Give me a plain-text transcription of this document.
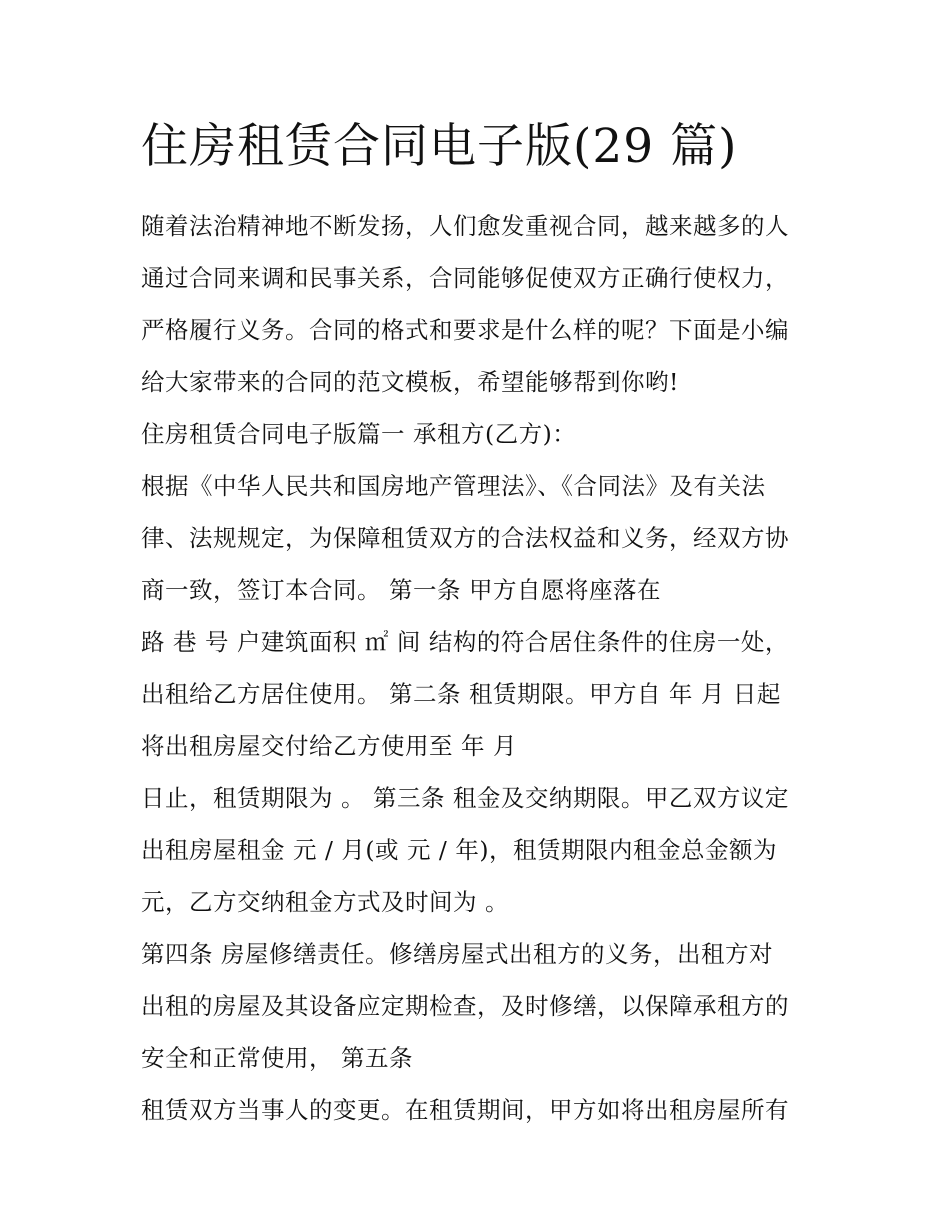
住房租赁合同电子版(29 篇)
随着法治精神地不断发扬，人们愈发重视合同，越来越多的人
通过合同来调和民事关系，合同能够促使双方正确行使权力，
严格履行义务。合同的格式和要求是什么样的呢？下面是小编
给大家带来的合同的范文模板，希望能够帮到你哟!
住房租赁合同电子版篇一 承租方(乙方)：
根据《中华人民共和国房地产管理法》、《合同法》及有关法
律、法规规定，为保障租赁双方的合法权益和义务，经双方协
商一致，签订本合同。 第一条 甲方自愿将座落在
路 巷 号 户建筑面积 ㎡ 间 结构的符合居住条件的住房一处，
出租给乙方居住使用。 第二条 租赁期限。甲方自 年 月 日起
将出租房屋交付给乙方使用至 年 月
日止，租赁期限为 。 第三条 租金及交纳期限。甲乙双方议定
出租房屋租金 元 / 月(或 元 / 年)，租赁期限内租金总金额为
元，乙方交纳租金方式及时间为 。
第四条 房屋修缮责任。修缮房屋式出租方的义务，出租方对
出租的房屋及其设备应定期检查，及时修缮，以保障承租方的
安全和正常使用， 第五条
租赁双方当事人的变更。在租赁期间，甲方如将出租房屋所有
